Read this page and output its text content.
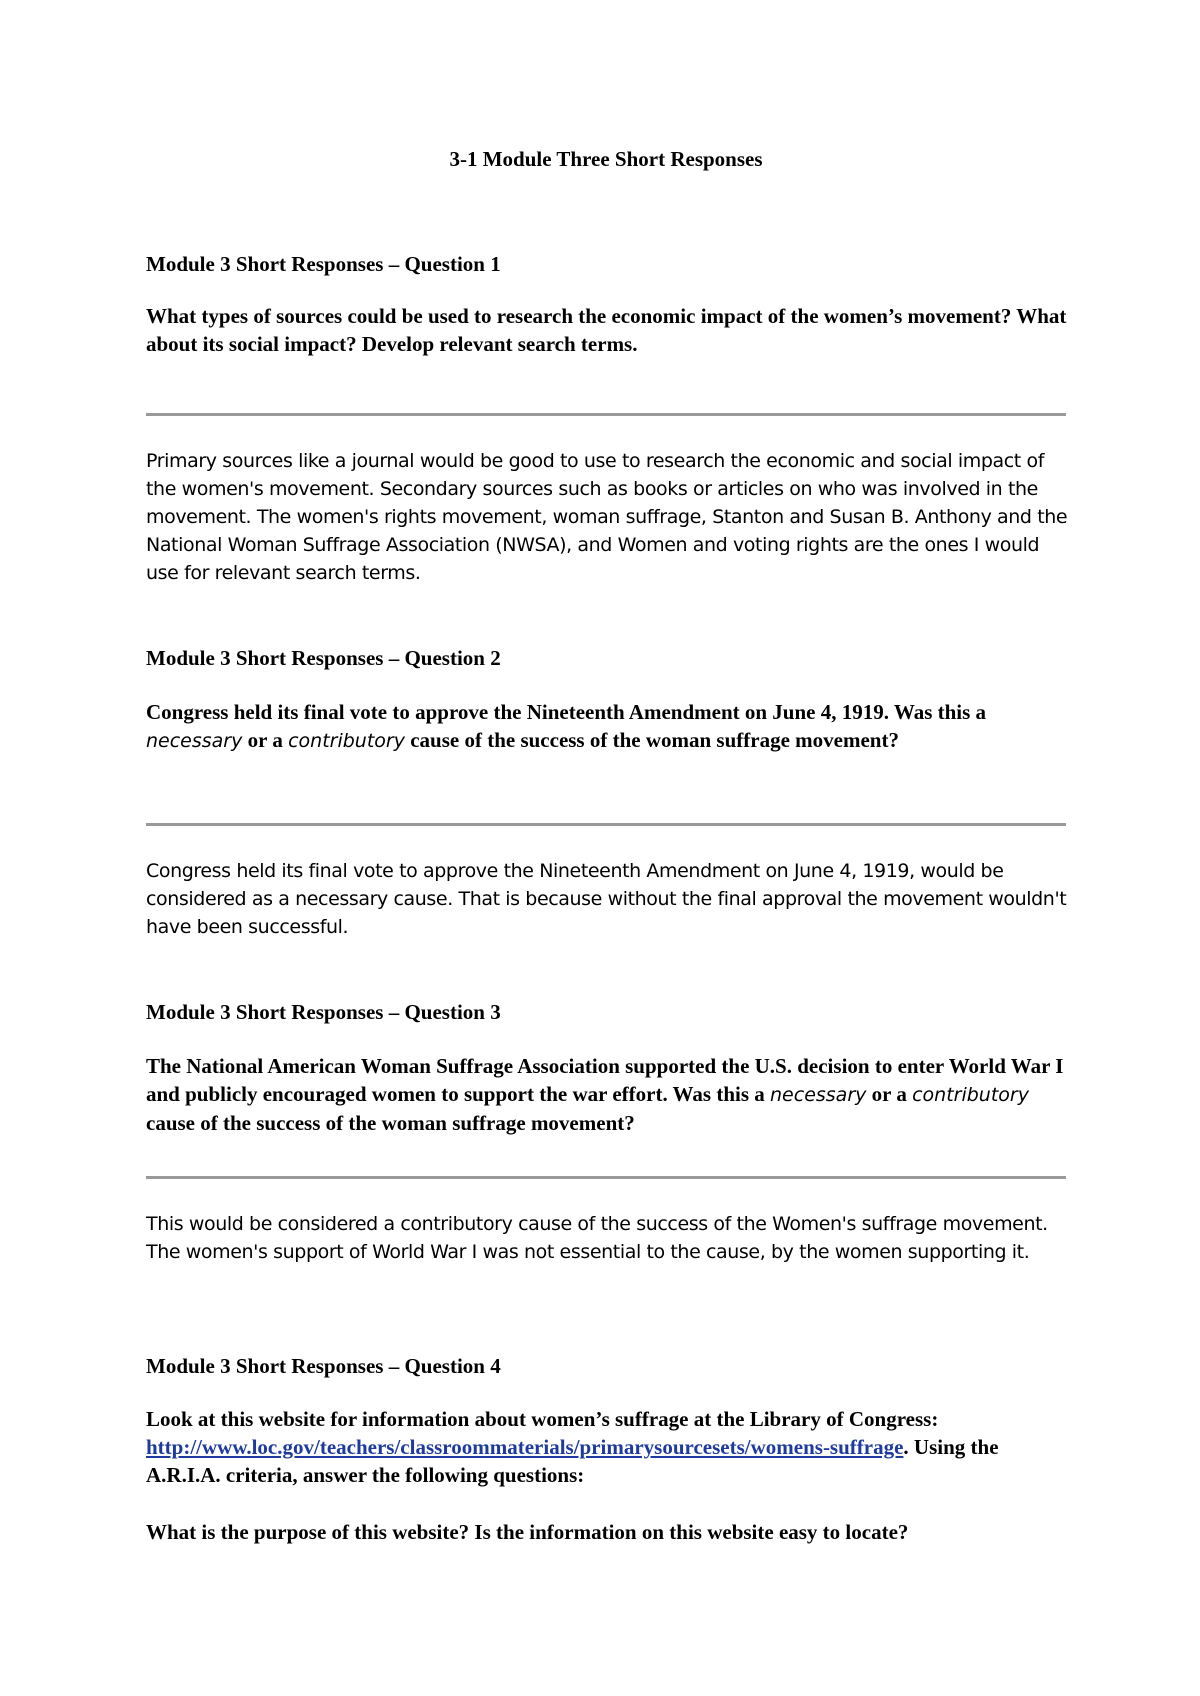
3-1 Module Three Short Responses

Module 3 Short Responses – Question 1

What types of sources could be used to research the economic impact of the women’s movement? What about its social impact? Develop relevant search terms.

Primary sources like a journal would be good to use to research the economic and social impact of the women's movement. Secondary sources such as books or articles on who was involved in the movement. The women's rights movement, woman suffrage, Stanton and Susan B. Anthony and the National Woman Suffrage Association (NWSA), and Women and voting rights are the ones I would use for relevant search terms.

Module 3 Short Responses – Question 2

Congress held its final vote to approve the Nineteenth Amendment on June 4, 1919. Was this a necessary or a contributory cause of the success of the woman suffrage movement?

Congress held its final vote to approve the Nineteenth Amendment on June 4, 1919, would be considered as a necessary cause. That is because without the final approval the movement wouldn't have been successful.

Module 3 Short Responses – Question 3

The National American Woman Suffrage Association supported the U.S. decision to enter World War I and publicly encouraged women to support the war effort. Was this a necessary or a contributory cause of the success of the woman suffrage movement?

This would be considered a contributory cause of the success of the Women's suffrage movement. The women's support of World War I was not essential to the cause, by the women supporting it.

Module 3 Short Responses – Question 4

Look at this website for information about women’s suffrage at the Library of Congress: http://www.loc.gov/teachers/classroommaterials/primarysourcesets/womens-suffrage. Using the A.R.I.A. criteria, answer the following questions:

What is the purpose of this website? Is the information on this website easy to locate?
